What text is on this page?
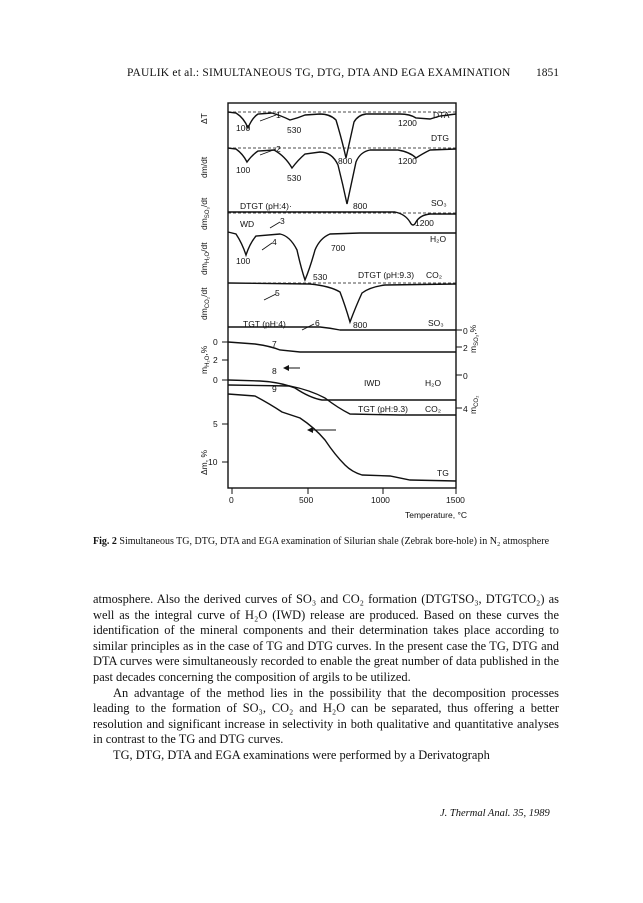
PAULIK et al.: SIMULTANEOUS TG, DTG, DTA AND EGA EXAMINATION 1851
ΔT
dm/dt
$dm_{SO_3}/dt$
$dm_{H_2O}/dt$
$dm_{CO_2}/dt$
$m_{H_2O},\%$
Δm, %
$m_{SO_3},\%$
$m_{CO_2}$
0
2
0
5
10
0
2
0
4
0	500	1000	1500
Temperature, °C
DTA
DTG
SO₃
H₂O
DTGT (pH:4)·
DTGT (pH:9.3) CO₂
WD
TGT (pH:4)	SO₃
IWD	H₂O
TGT (pH:9.3) CO₂
TG
100	530
1200
100
530
800	1200
800
1200
100
700
530
800
1
2
3
4
5
6
7
8
9
Fig. 2 Simultaneous TG, DTG, DTA and EGA examination of Silurian shale (Zebrak bore-hole) in N₂ atmosphere

atmosphere. Also the derived curves of SO₃ and CO₂ formation (DTGTSO₃, DTGTCO₂) as well as the integral curve of H₂O (IWD) release are produced. Based on these curves the identification of the mineral components and their determination takes place according to similar principles as in the case of TG and DTG curves. In the present case the TG, DTG and DTA curves were simultaneously recorded to enable the great number of data published in the past decades concerning the composition of argils to be utilized.

An advantage of the method lies in the possibility that the decomposition processes leading to the formation of SO₃, CO₂ and H₂O can be separated, thus offering a better resolution and significant increase in selectivity in both qualitative and quantitative analyses in contrast to the TG and DTG curves.

TG, DTG, DTA and EGA examinations were performed by a Derivatograph

J. Thermal Anal. 35, 1989
